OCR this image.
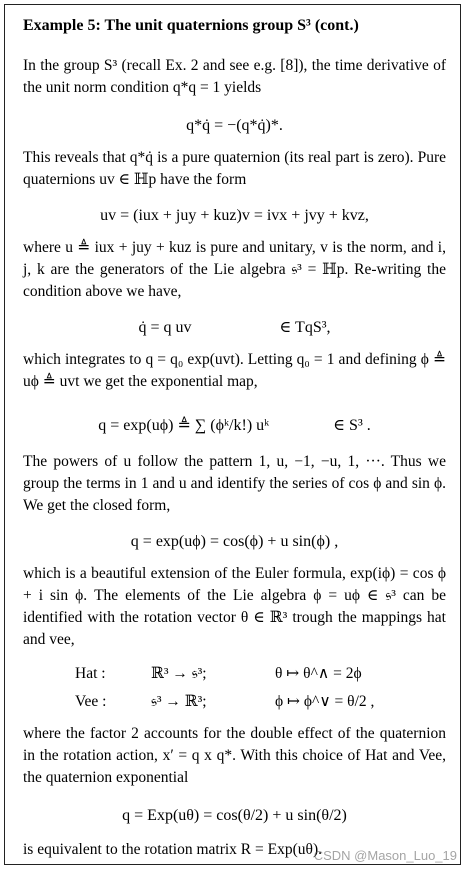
Example 5: The unit quaternions group S³ (cont.)

In the group S³ (recall Ex. 2 and see e.g. [8]), the time derivative of the unit norm condition q*q = 1 yields

q*q̇ = −(q*q̇)*.

This reveals that q*q̇ is a pure quaternion (its real part is zero). Pure quaternions uv ∈ ℍp have the form

uv = (iux + juy + kuz)v = ivx + jvy + kvz,

where u ≜ iux + juy + kuz is pure and unitary, v is the norm, and i, j, k are the generators of the Lie algebra 𝔰³ = ℍp. Re-writing the condition above we have,

q̇ = q uv	∈ TqS³,

which integrates to q = q₀ exp(uvt). Letting q₀ = 1 and defining ϕ ≜ uϕ ≜ uvt we get the exponential map,

q = exp(uϕ) ≜ ∑ (ϕᵏ/k!) uᵏ	∈ S³ .

The powers of u follow the pattern 1, u, −1, −u, 1, ···. Thus we group the terms in 1 and u and identify the series of cos ϕ and sin ϕ. We get the closed form,

q = exp(uϕ) = cos(ϕ) + u sin(ϕ) ,

which is a beautiful extension of the Euler formula, exp(iϕ) = cos ϕ + i sin ϕ. The elements of the Lie algebra ϕ = uϕ ∈ 𝔰³ can be identified with the rotation vector θ ∈ ℝ³ trough the mappings hat and vee,

Hat :	ℝ³ → 𝔰³;	θ ↦ θ^∧ = 2ϕ
Vee :	𝔰³ → ℝ³;	ϕ ↦ ϕ^∨ = θ/2 ,

where the factor 2 accounts for the double effect of the quaternion in the rotation action, x′ = q x q*. With this choice of Hat and Vee, the quaternion exponential

q = Exp(uθ) = cos(θ/2) + u sin(θ/2)

is equivalent to the rotation matrix R = Exp(uθ).

CSDN @Mason_Luo_19
